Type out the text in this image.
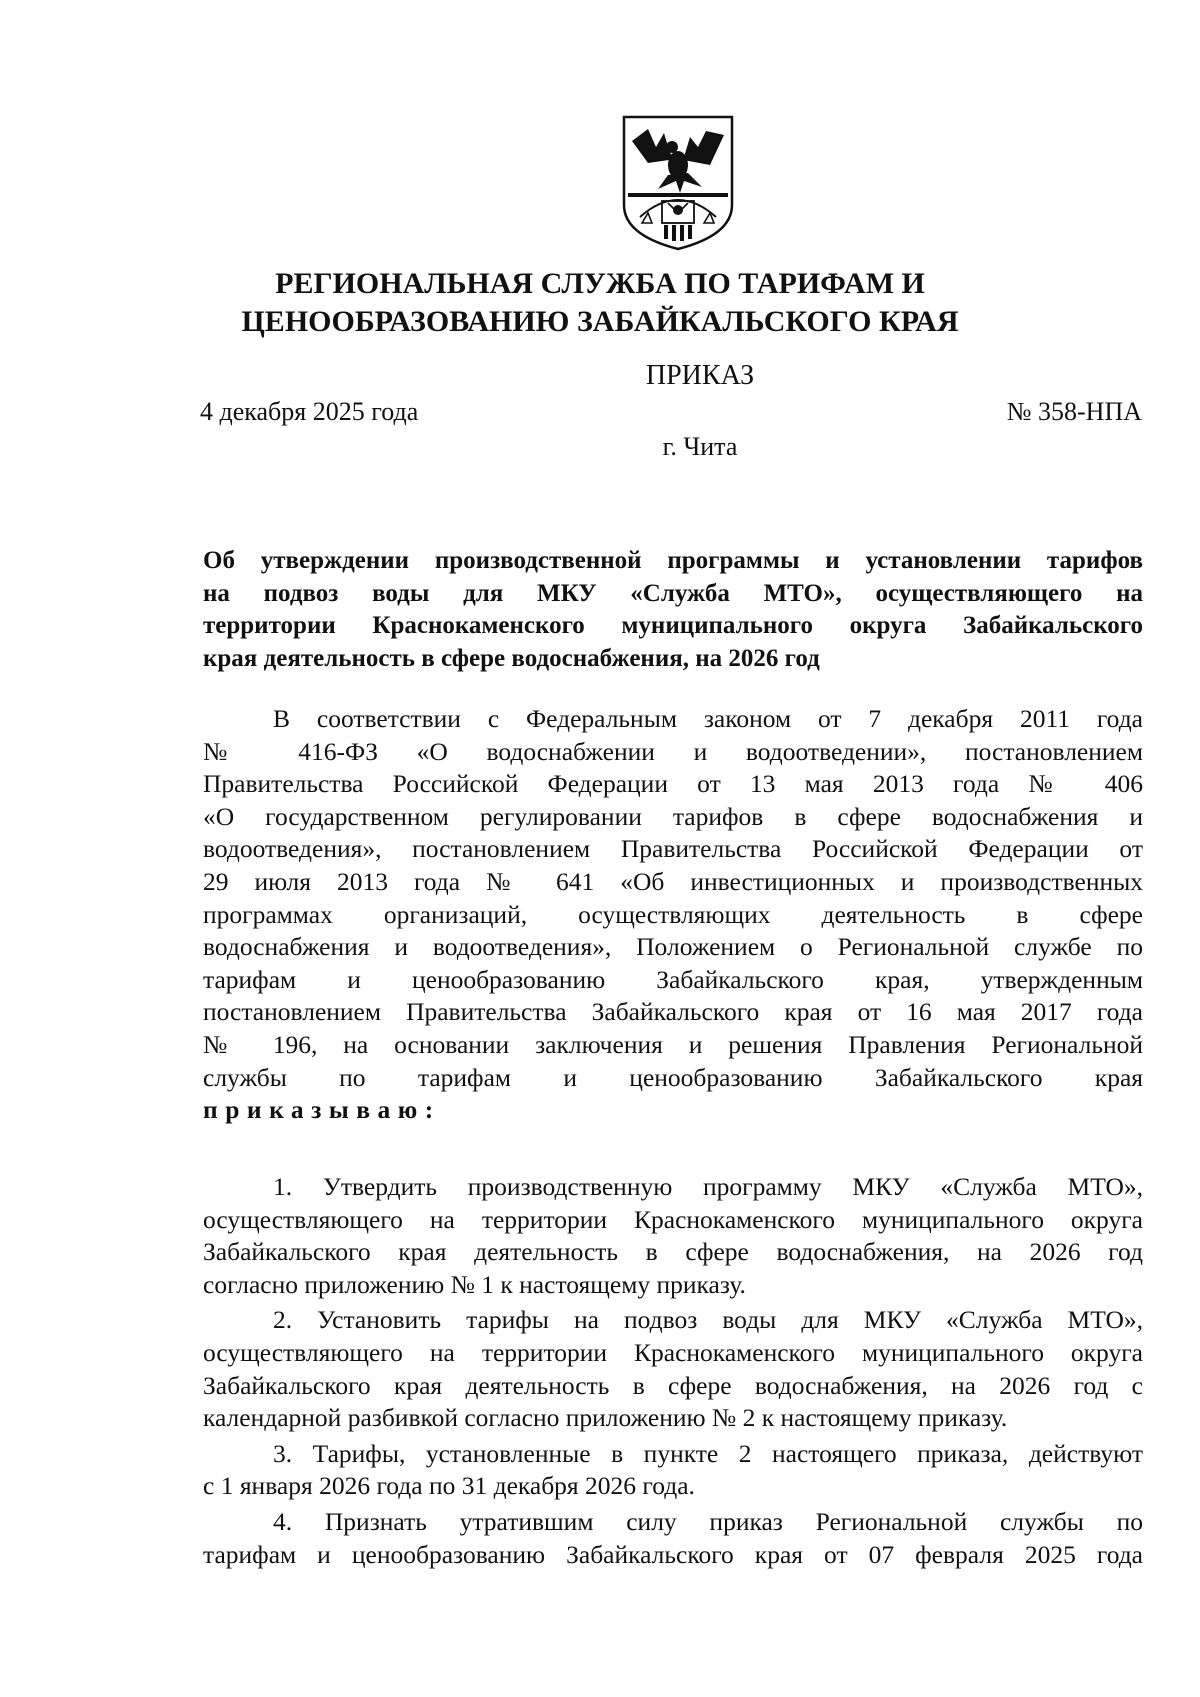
РЕГИОНАЛЬНАЯ СЛУЖБА ПО ТАРИФАМ И
ЦЕНООБРАЗОВАНИЮ ЗАБАЙКАЛЬСКОГО КРАЯ
ПРИКАЗ
4 декабря 2025 года	№ 358-НПА
г. Чита
Об утверждении производственной программы и установлении тарифов
на подвоз воды для МКУ «Служба МТО», осуществляющего на
территории Краснокаменского муниципального округа Забайкальского
края деятельность в сфере водоснабжения, на 2026 год
В соответствии с Федеральным законом от 7 декабря 2011 года
№ 416-ФЗ «О водоснабжении и водоотведении», постановлением
Правительства Российской Федерации от 13 мая 2013 года № 406
«О государственном регулировании тарифов в сфере водоснабжения и
водоотведения», постановлением Правительства Российской Федерации от
29 июля 2013 года № 641 «Об инвестиционных и производственных
программах организаций, осуществляющих деятельность в сфере
водоснабжения и водоотведения», Положением о Региональной службе по
тарифам и ценообразованию Забайкальского края, утвержденным
постановлением Правительства Забайкальского края от 16 мая 2017 года
№ 196, на основании заключения и решения Правления Региональной
службы по тарифам и ценообразованию Забайкальского края
приказываю:
1. Утвердить производственную программу МКУ «Служба МТО»,
осуществляющего на территории Краснокаменского муниципального округа
Забайкальского края деятельность в сфере водоснабжения, на 2026 год
согласно приложению № 1 к настоящему приказу.
2. Установить тарифы на подвоз воды для МКУ «Служба МТО»,
осуществляющего на территории Краснокаменского муниципального округа
Забайкальского края деятельность в сфере водоснабжения, на 2026 год с
календарной разбивкой согласно приложению № 2 к настоящему приказу.
3. Тарифы, установленные в пункте 2 настоящего приказа, действуют
с 1 января 2026 года по 31 декабря 2026 года.
4. Признать утратившим силу приказ Региональной службы по
тарифам и ценообразованию Забайкальского края от 07 февраля 2025 года
